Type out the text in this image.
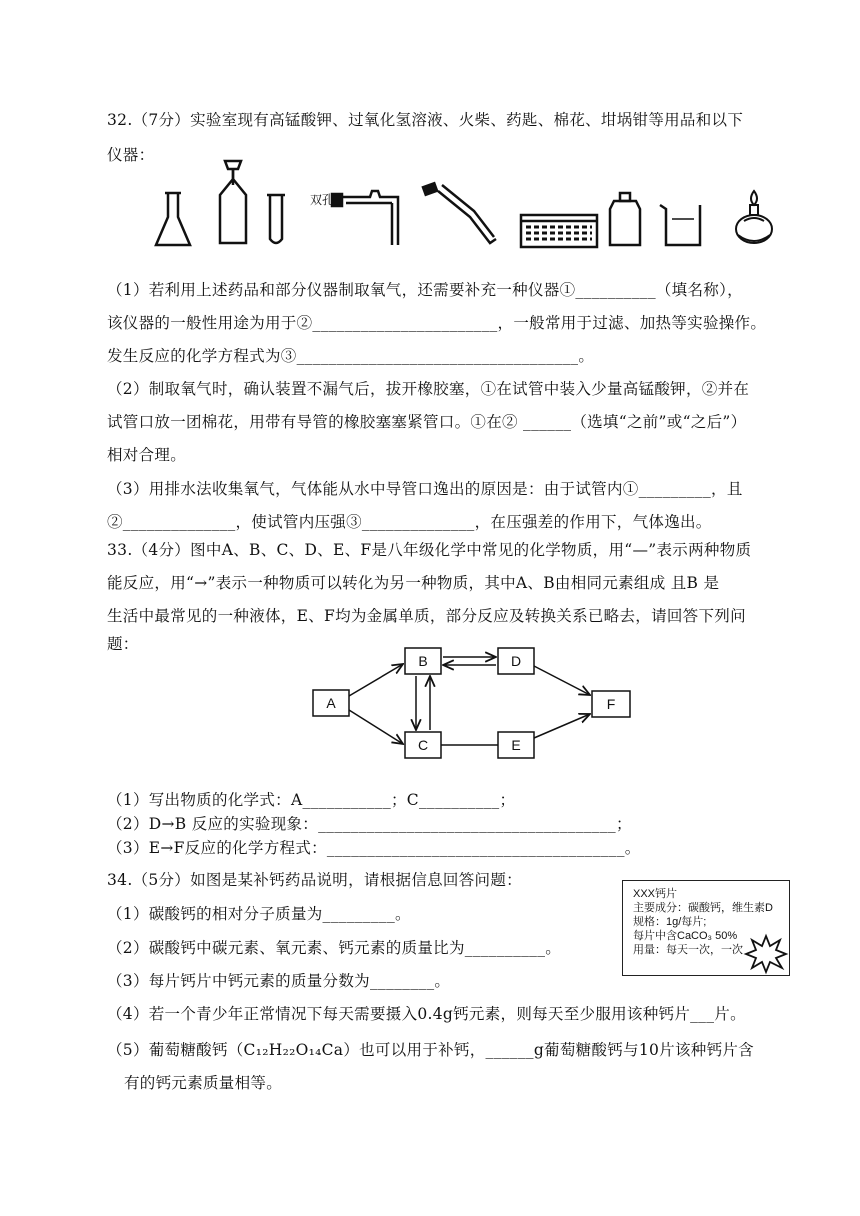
32.（7分）实验室现有高锰酸钾、过氧化氢溶液、火柴、药匙、棉花、坩埚钳等用品和以下
仪器：
双孔
（1）若利用上述药品和部分仪器制取氧气，还需要补充一种仪器①__________（填名称），
该仪器的一般性用途为用于②_______________________，一般常用于过滤、加热等实验操作。
发生反应的化学方程式为③___________________________________。
（2）制取氧气时，确认装置不漏气后，拔开橡胶塞，①在试管中装入少量高锰酸钾，②并在
试管口放一团棉花，用带有导管的橡胶塞塞紧管口。①在② ______（选填“之前”或“之后”）
相对合理。
（3）用排水法收集氧气，气体能从水中导管口逸出的原因是：由于试管内①_________，且
②______________，使试管内压强③______________，在压强差的作用下，气体逸出。
33.（4分）图中A、B、C、D、E、F是八年级化学中常见的化学物质，用“—”表示两种物质
能反应，用“→”表示一种物质可以转化为另一种物质，其中A、B由相同元素组成 且B 是
生活中最常见的一种液体，E、F均为金属单质，部分反应及转换关系已略去，请回答下列问
题：
A
B
C
D
E
F
（1）写出物质的化学式：A___________；C__________；
（2）D→B 反应的实验现象：_____________________________________；
（3）E→F反应的化学方程式：_____________________________________。
34.（5分）如图是某补钙药品说明，请根据信息回答问题：
（1）碳酸钙的相对分子质量为_________。
（2）碳酸钙中碳元素、氧元素、钙元素的质量比为__________。
（3）每片钙片中钙元素的质量分数为________。
（4）若一个青少年正常情况下每天需要摄入0.4g钙元素，则每天至少服用该种钙片___片。
（5）葡萄糖酸钙（C₁₂H₂₂O₁₄Ca）也可以用于补钙，______g葡萄糖酸钙与10片该种钙片含
有的钙元素质量相等。
XXX钙片
主要成分：碳酸钙，维生素D
规格：1g/每片;
每片中含CaCO₃ 50%
用量：每天一次，一次
